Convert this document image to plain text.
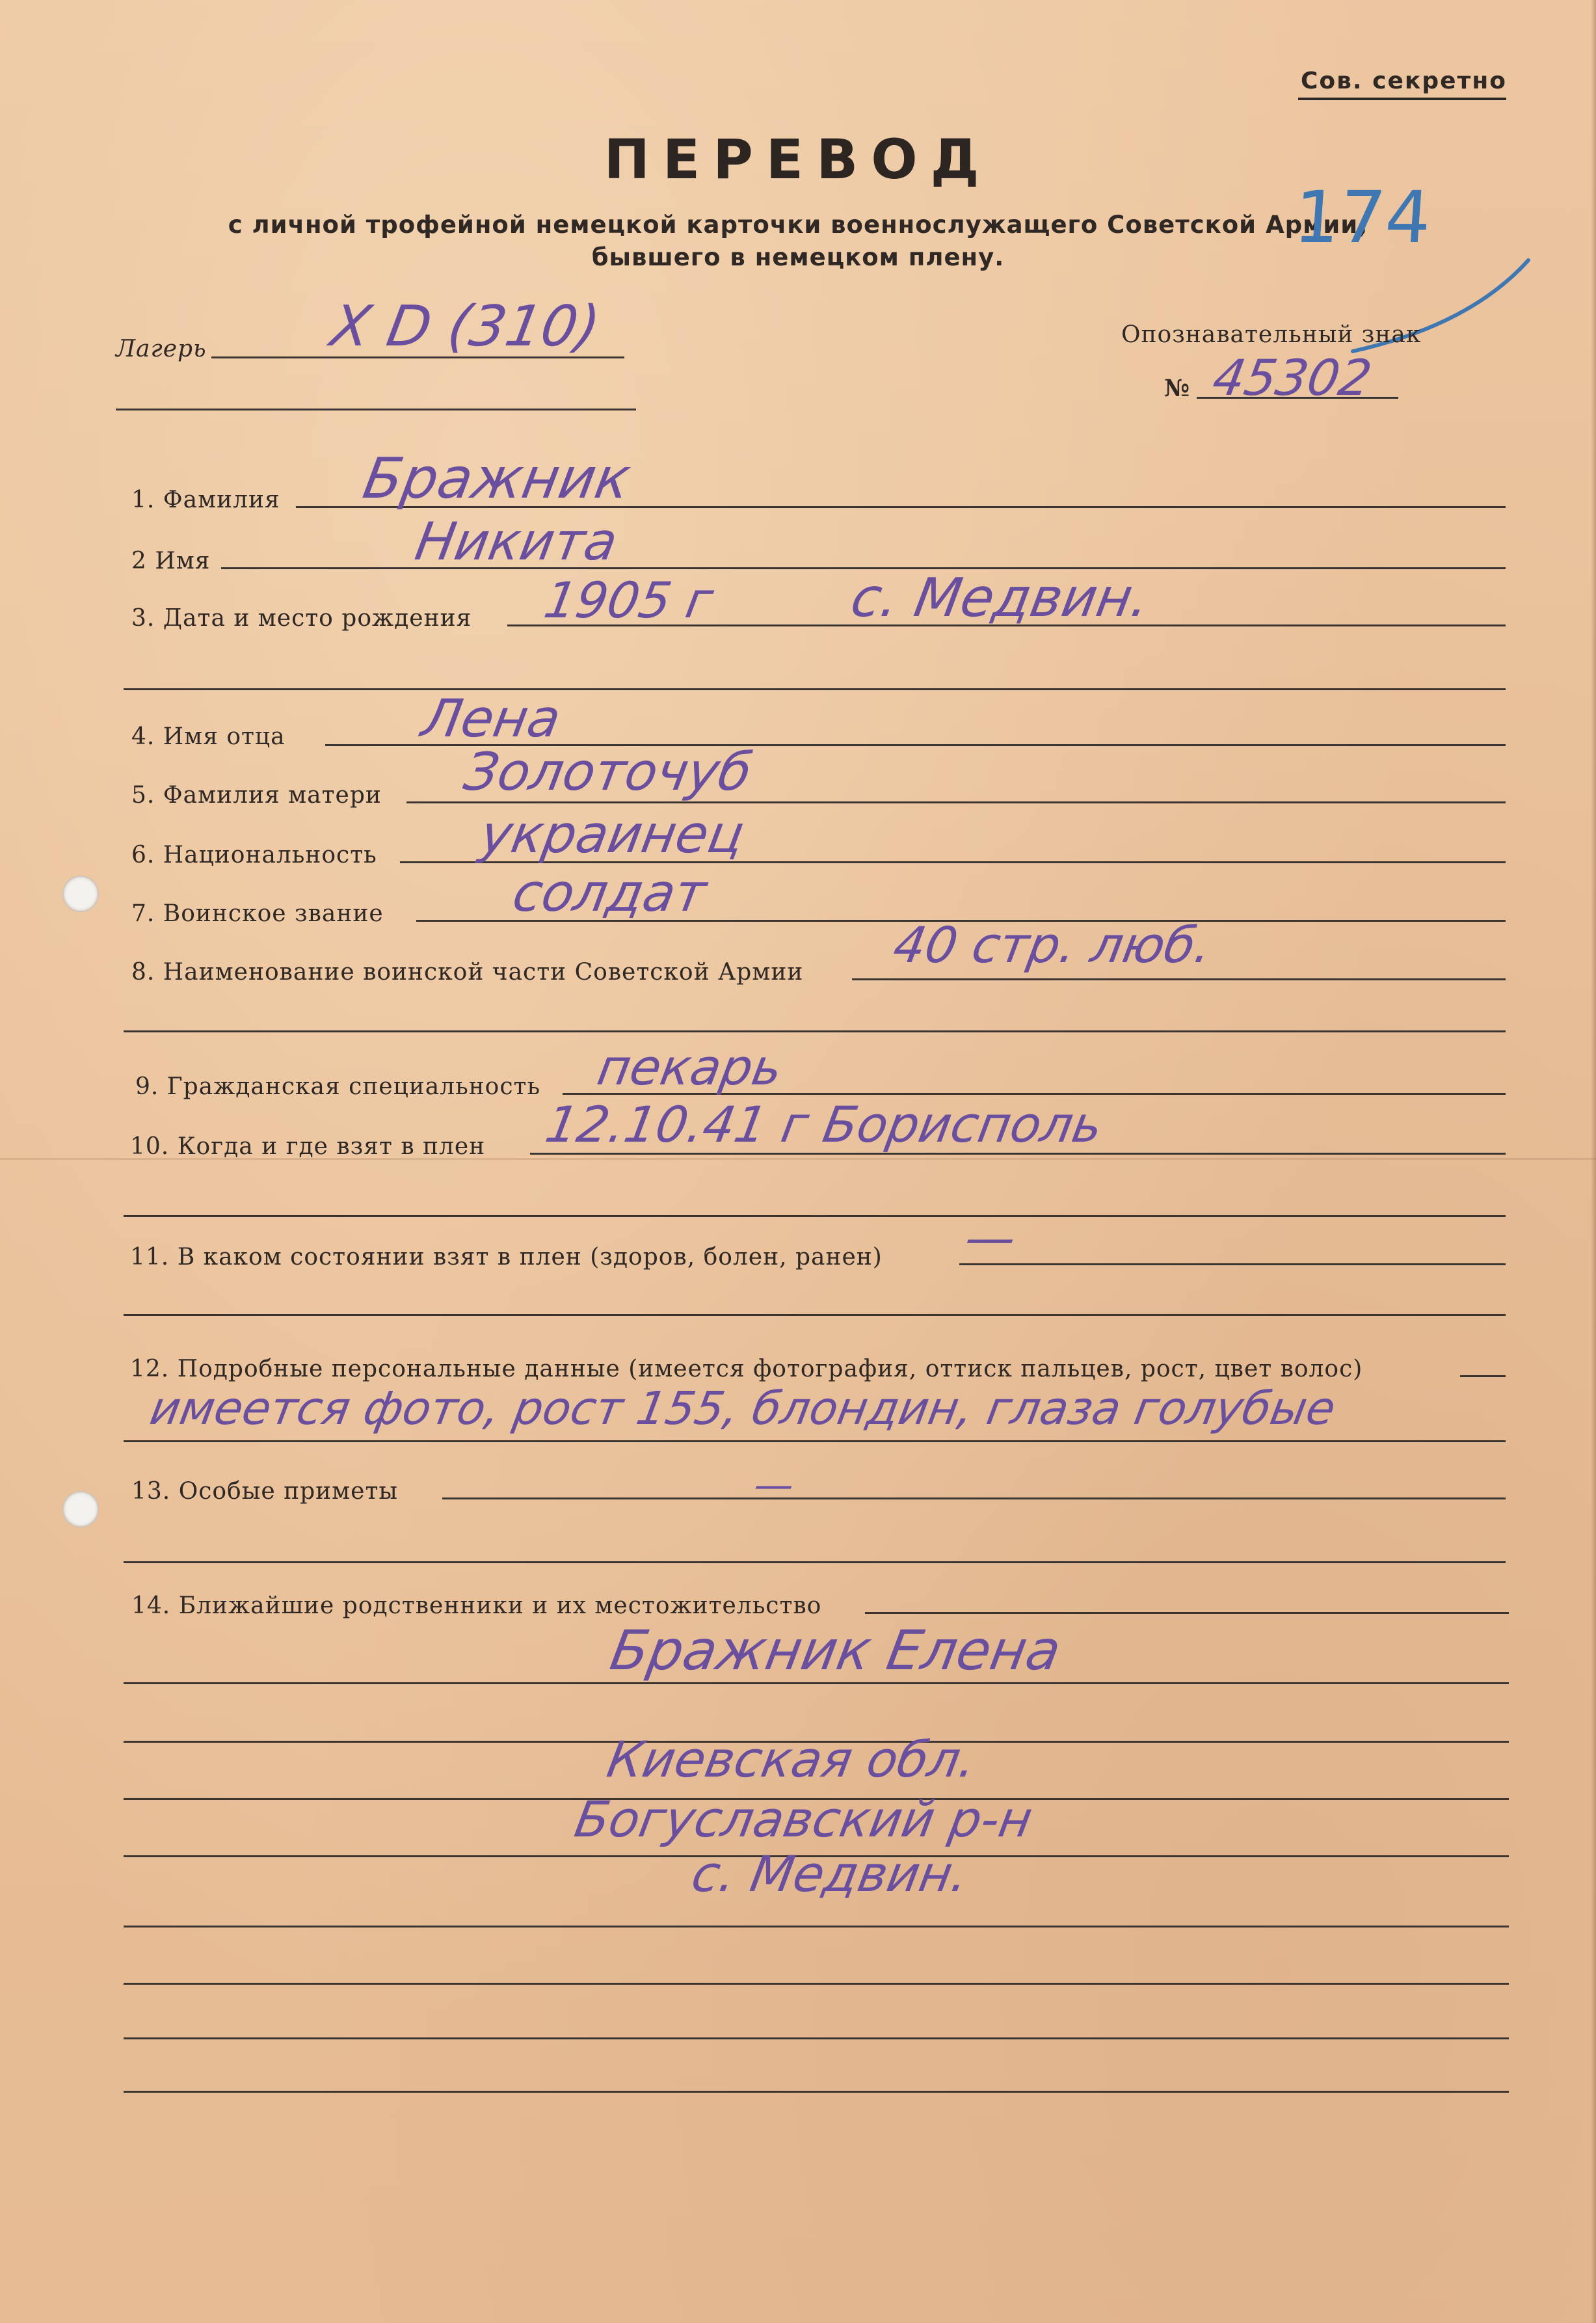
Сов. секретно
ПЕРЕВОД
с личной трофейной немецкой карточки военнослужащего Советской Армии,
бывшего в немецком плену.	174
Лагерь Ⅹ D (310)	Опознавательный знак
№ 45302
1. Фамилия Бражник
2 Имя	Никита
3. Дата и место рождения 1905 г с. Медвин.
4. Имя отца	Лена
5. Фамилия матери Золоточуб
6. Национальность украинец
7. Воинское звание солдат
8. Наименование воинской части Советской Армии 40 стр. люб.
9. Гражданская специальность пекарь
10. Когда и где взят в плен 12.10.41 г Борисполь
11. В каком состоянии взят в плен (здоров, болен, ранен) —
12. Подробные персональные данные (имеется фотография, оттиск пальцев, рост, цвет волос)
имеется фото, рост 155, блондин, глаза голубые
13. Особые приметы	—
14. Ближайшие родственники и их местожительство
Бражник Елена
Киевская обл.
Богуславский р-н
с. Медвин.
